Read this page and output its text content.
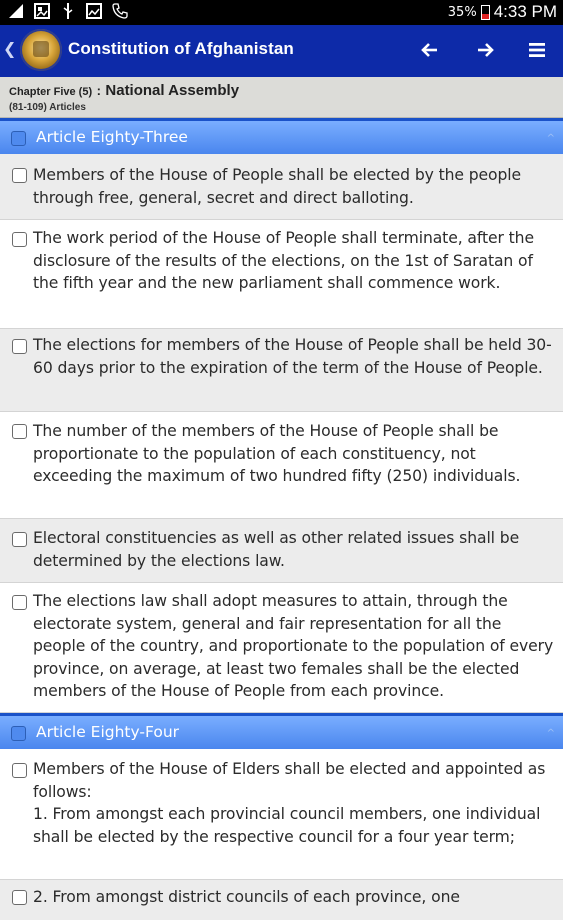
35% 4:33 PM
❮	Constitution of Afghanistan
Chapter Five (5) : National Assembly
(81-109) Articles
Article Eighty-Three	^
Members of the House of People shall be elected by the people through free, general, secret and direct balloting.
The work period of the House of People shall terminate, after the disclosure of the results of the elections, on the 1st of Saratan of the fifth year and the new parliament shall commence work.
The elections for members of the House of People shall be held 30-60 days prior to the expiration of the term of the House of People.
The number of the members of the House of People shall be proportionate to the population of each constituency, not exceeding the maximum of two hundred fifty (250) individuals.
Electoral constituencies as well as other related issues shall be determined by the elections law.
The elections law shall adopt measures to attain, through the electorate system, general and fair representation for all the people of the country, and proportionate to the population of every province, on average, at least two females shall be the elected members of the House of People from each province.
Article Eighty-Four	^
Members of the House of Elders shall be elected and appointed as follows:
1. From amongst each provincial council members, one individual shall be elected by the respective council for a four year term;
2. From amongst district councils of each province, one
